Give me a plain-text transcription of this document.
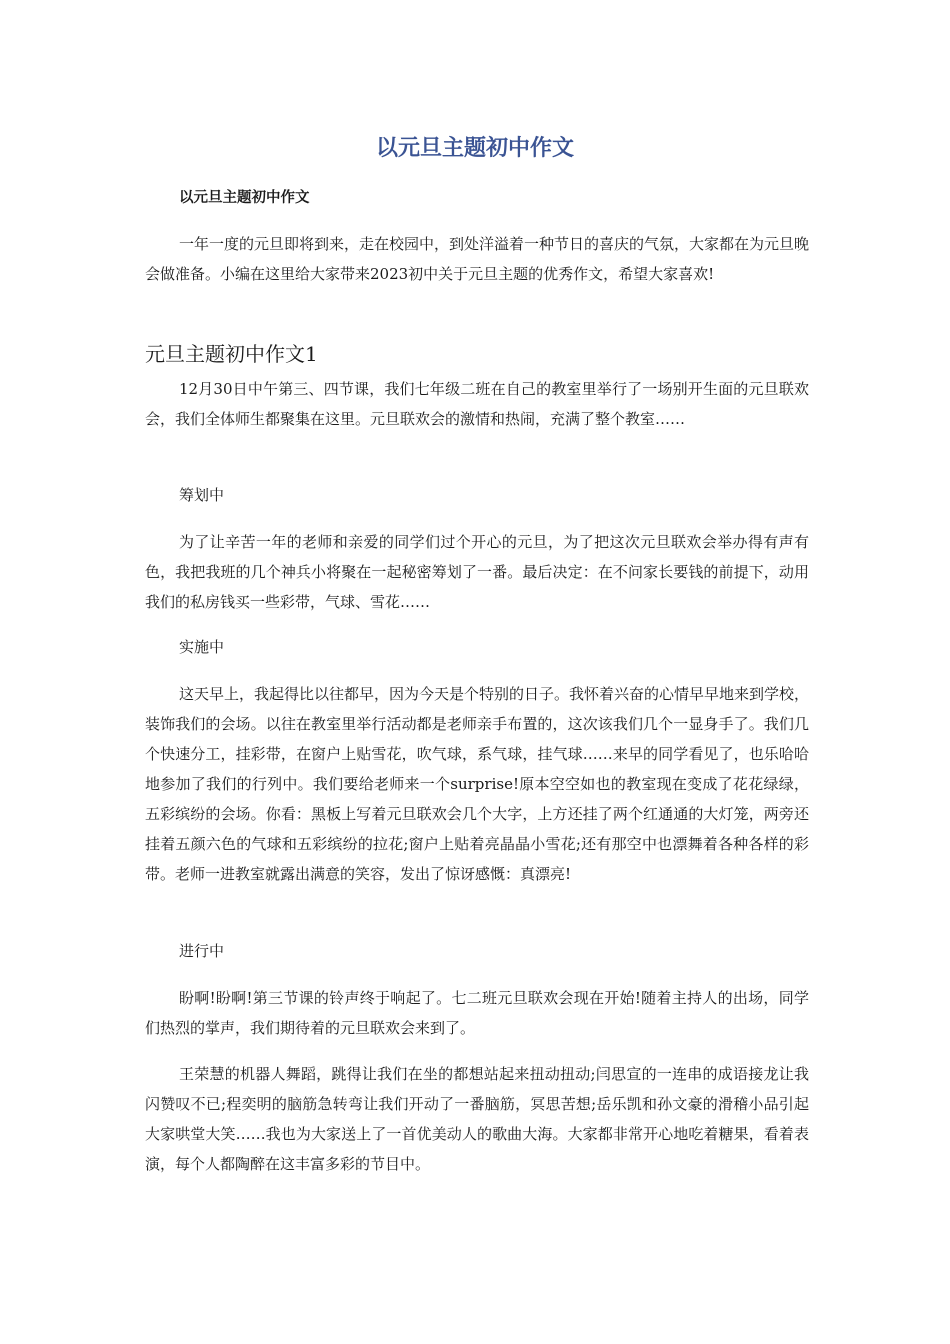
以元旦主题初中作文

以元旦主题初中作文

一年一度的元旦即将到来，走在校园中，到处洋溢着一种节日的喜庆的气氛，大家都在为元旦晚会做准备。小编在这里给大家带来2023初中关于元旦主题的优秀作文，希望大家喜欢!

元旦主题初中作文1

12月30日中午第三、四节课，我们七年级二班在自己的教室里举行了一场别开生面的元旦联欢会，我们全体师生都聚集在这里。元旦联欢会的激情和热闹，充满了整个教室……

筹划中

为了让辛苦一年的老师和亲爱的同学们过个开心的元旦，为了把这次元旦联欢会举办得有声有色，我把我班的几个神兵小将聚在一起秘密筹划了一番。最后决定：在不问家长要钱的前提下，动用我们的私房钱买一些彩带，气球、雪花……

实施中

这天早上，我起得比以往都早，因为今天是个特别的日子。我怀着兴奋的心情早早地来到学校，装饰我们的会场。以往在教室里举行活动都是老师亲手布置的，这次该我们几个一显身手了。我们几个快速分工，挂彩带，在窗户上贴雪花，吹气球，系气球，挂气球……来早的同学看见了，也乐哈哈地参加了我们的行列中。我们要给老师来一个surprise!原本空空如也的教室现在变成了花花绿绿，五彩缤纷的会场。你看：黑板上写着元旦联欢会几个大字，上方还挂了两个红通通的大灯笼，两旁还挂着五颜六色的气球和五彩缤纷的拉花;窗户上贴着亮晶晶小雪花;还有那空中也漂舞着各种各样的彩带。老师一进教室就露出满意的笑容，发出了惊讶感慨：真漂亮!

进行中

盼啊!盼啊!第三节课的铃声终于响起了。七二班元旦联欢会现在开始!随着主持人的出场，同学们热烈的掌声，我们期待着的元旦联欢会来到了。

王荣慧的机器人舞蹈，跳得让我们在坐的都想站起来扭动扭动;闫思宣的一连串的成语接龙让我闪赞叹不已;程奕明的脑筋急转弯让我们开动了一番脑筋，冥思苦想;岳乐凯和孙文豪的滑稽小品引起大家哄堂大笑……我也为大家送上了一首优美动人的歌曲大海。大家都非常开心地吃着糖果，看着表演，每个人都陶醉在这丰富多彩的节目中。
